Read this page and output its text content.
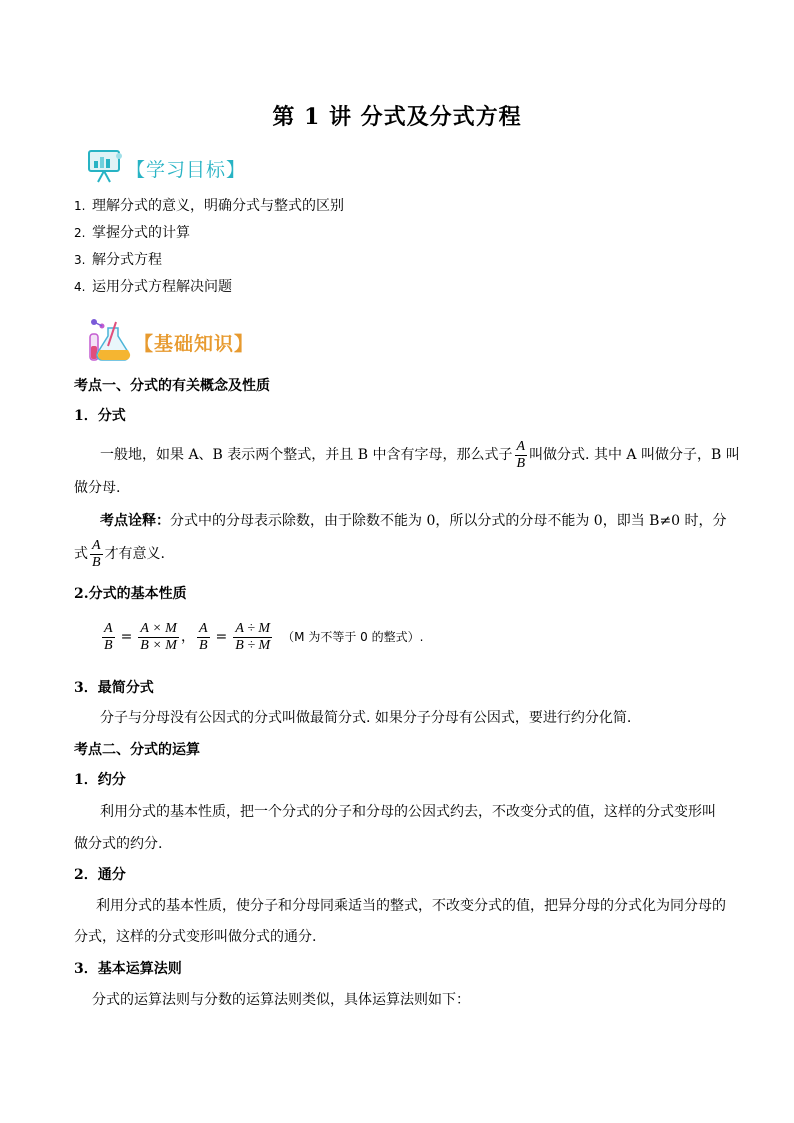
第 1 讲 分式及分式方程
【学习目标】
1. 理解分式的意义，明确分式与整式的区别
2. 掌握分式的计算
3. 解分式方程
4. 运用分式方程解决问题
【基础知识】
考点一、分式的有关概念及性质
1．分式
一般地，如果 A、B 表示两个整式，并且 B 中含有字母，那么式子 $\frac{A}{B}$ 叫做分式. 其中 A 叫做分子，B 叫
做分母.
考点诠释：分式中的分母表示除数，由于除数不能为 0，所以分式的分母不能为 0，即当 B≠0 时，分
式 $\frac{A}{B}$ 才有意义.
2.分式的基本性质
$\frac{A}{B} = \frac{A \times M}{B \times M}$ ， $\frac{A}{B} = \frac{A \div M}{B \div M} (M$ 为不等于 0 的整式）.
3．最简分式
分子与分母没有公因式的分式叫做最简分式. 如果分子分母有公因式，要进行约分化简.
考点二、分式的运算
1．约分
利用分式的基本性质，把一个分式的分子和分母的公因式约去，不改变分式的值，这样的分式变形叫
做分式的约分.
2．通分
利用分式的基本性质，使分子和分母同乘适当的整式，不改变分式的值，把异分母的分式化为同分母的
分式，这样的分式变形叫做分式的通分.
3．基本运算法则
分式的运算法则与分数的运算法则类似，具体运算法则如下：
